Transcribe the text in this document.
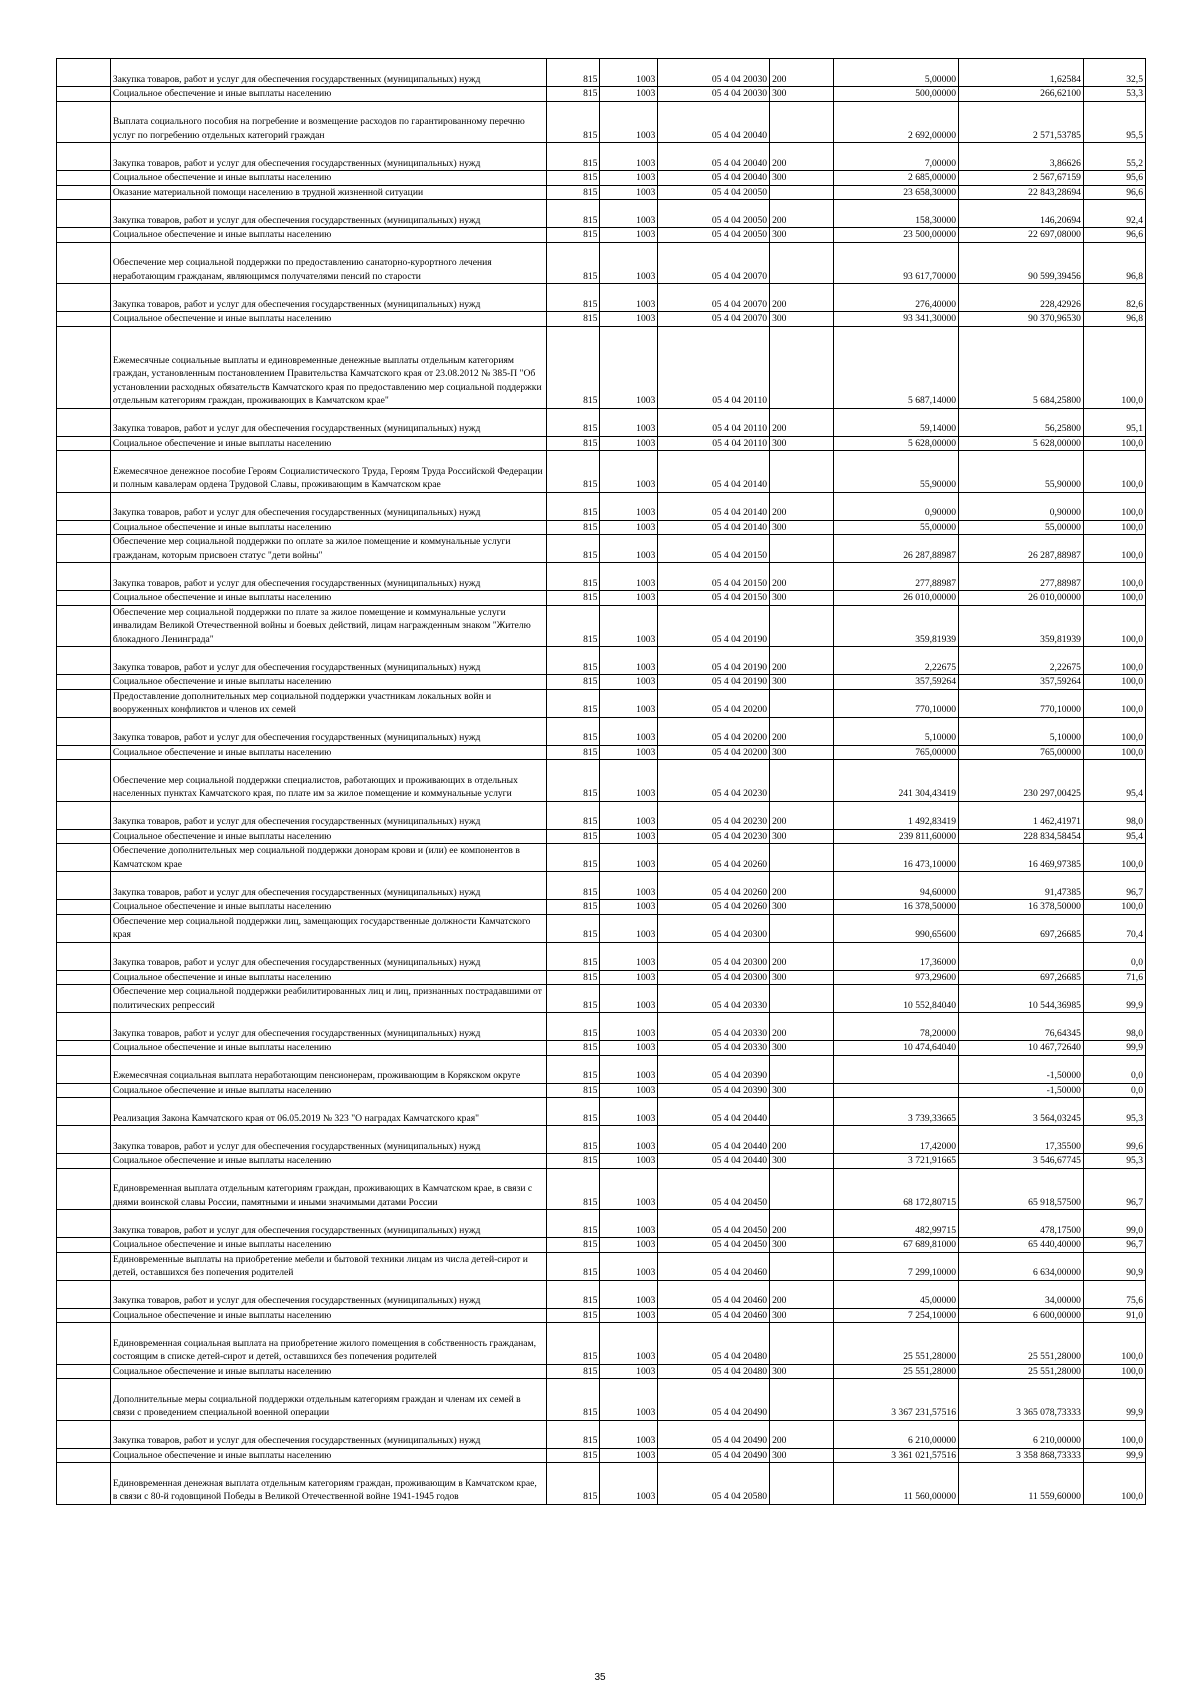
	Закупка товаров, работ и услуг для обеспечения государственных (муниципальных) нужд	815	1003	05 4 04 20030	200	5,00000	1,62584	32,5
	Социальное обеспечение и иные выплаты населению	815	1003	05 4 04 20030	300	500,00000	266,62100	53,3
	Выплата социального пособия на погребение и возмещение расходов по гарантированному перечню услуг по погребению отдельных категорий граждан	815	1003	05 4 04 20040		2 692,00000	2 571,53785	95,5
	Закупка товаров, работ и услуг для обеспечения государственных (муниципальных) нужд	815	1003	05 4 04 20040	200	7,00000	3,86626	55,2
	Социальное обеспечение и иные выплаты населению	815	1003	05 4 04 20040	300	2 685,00000	2 567,67159	95,6
	Оказание материальной помощи населению в трудной жизненной ситуации	815	1003	05 4 04 20050		23 658,30000	22 843,28694	96,6
	Закупка товаров, работ и услуг для обеспечения государственных (муниципальных) нужд	815	1003	05 4 04 20050	200	158,30000	146,20694	92,4
	Социальное обеспечение и иные выплаты населению	815	1003	05 4 04 20050	300	23 500,00000	22 697,08000	96,6
	Обеспечение мер социальной поддержки по предоставлению санаторно-курортного лечения неработающим гражданам, являющимся получателями пенсий по старости	815	1003	05 4 04 20070		93 617,70000	90 599,39456	96,8
	Закупка товаров, работ и услуг для обеспечения государственных (муниципальных) нужд	815	1003	05 4 04 20070	200	276,40000	228,42926	82,6
	Социальное обеспечение и иные выплаты населению	815	1003	05 4 04 20070	300	93 341,30000	90 370,96530	96,8
	Ежемесячные социальные выплаты и единовременные денежные выплаты отдельным категориям граждан, установленным постановлением Правительства Камчатского края от 23.08.2012 № 385-П "Об установлении расходных обязательств Камчатского края по предоставлению мер социальной поддержки отдельным категориям граждан, проживающих в Камчатском крае"	815	1003	05 4 04 20110		5 687,14000	5 684,25800	100,0
	Закупка товаров, работ и услуг для обеспечения государственных (муниципальных) нужд	815	1003	05 4 04 20110	200	59,14000	56,25800	95,1
	Социальное обеспечение и иные выплаты населению	815	1003	05 4 04 20110	300	5 628,00000	5 628,00000	100,0
	Ежемесячное денежное пособие Героям Социалистического Труда, Героям Труда Российской Федерации и полным кавалерам ордена Трудовой Славы, проживающим в Камчатском крае	815	1003	05 4 04 20140		55,90000	55,90000	100,0
	Закупка товаров, работ и услуг для обеспечения государственных (муниципальных) нужд	815	1003	05 4 04 20140	200	0,90000	0,90000	100,0
	Социальное обеспечение и иные выплаты населению	815	1003	05 4 04 20140	300	55,00000	55,00000	100,0
	Обеспечение мер социальной поддержки по оплате за жилое помещение и коммунальные услуги гражданам, которым присвоен статус "дети войны"	815	1003	05 4 04 20150		26 287,88987	26 287,88987	100,0
	Закупка товаров, работ и услуг для обеспечения государственных (муниципальных) нужд	815	1003	05 4 04 20150	200	277,88987	277,88987	100,0
	Социальное обеспечение и иные выплаты населению	815	1003	05 4 04 20150	300	26 010,00000	26 010,00000	100,0
	Обеспечение мер социальной поддержки по плате за жилое помещение и коммунальные услуги инвалидам Великой Отечественной войны и боевых действий, лицам награжденным знаком "Жителю блокадного Ленинграда"	815	1003	05 4 04 20190		359,81939	359,81939	100,0
	Закупка товаров, работ и услуг для обеспечения государственных (муниципальных) нужд	815	1003	05 4 04 20190	200	2,22675	2,22675	100,0
	Социальное обеспечение и иные выплаты населению	815	1003	05 4 04 20190	300	357,59264	357,59264	100,0
	Предоставление дополнительных мер социальной поддержки участникам локальных войн и вооруженных конфликтов и членов их семей	815	1003	05 4 04 20200		770,10000	770,10000	100,0
	Закупка товаров, работ и услуг для обеспечения государственных (муниципальных) нужд	815	1003	05 4 04 20200	200	5,10000	5,10000	100,0
	Социальное обеспечение и иные выплаты населению	815	1003	05 4 04 20200	300	765,00000	765,00000	100,0
	Обеспечение мер социальной поддержки специалистов, работающих и проживающих в отдельных населенных пунктах Камчатского края, по плате им за жилое помещение и коммунальные услуги	815	1003	05 4 04 20230		241 304,43419	230 297,00425	95,4
	Закупка товаров, работ и услуг для обеспечения государственных (муниципальных) нужд	815	1003	05 4 04 20230	200	1 492,83419	1 462,41971	98,0
	Социальное обеспечение и иные выплаты населению	815	1003	05 4 04 20230	300	239 811,60000	228 834,58454	95,4
	Обеспечение дополнительных мер социальной поддержки донорам крови и (или) ее компонентов в Камчатском крае	815	1003	05 4 04 20260		16 473,10000	16 469,97385	100,0
	Закупка товаров, работ и услуг для обеспечения государственных (муниципальных) нужд	815	1003	05 4 04 20260	200	94,60000	91,47385	96,7
	Социальное обеспечение и иные выплаты населению	815	1003	05 4 04 20260	300	16 378,50000	16 378,50000	100,0
	Обеспечение мер социальной поддержки лиц, замещающих государственные должности Камчатского края	815	1003	05 4 04 20300		990,65600	697,26685	70,4
	Закупка товаров, работ и услуг для обеспечения государственных (муниципальных) нужд	815	1003	05 4 04 20300	200	17,36000		0,0
	Социальное обеспечение и иные выплаты населению	815	1003	05 4 04 20300	300	973,29600	697,26685	71,6
	Обеспечение мер социальной поддержки реабилитированных лиц и лиц, признанных пострадавшими от политических репрессий	815	1003	05 4 04 20330		10 552,84040	10 544,36985	99,9
	Закупка товаров, работ и услуг для обеспечения государственных (муниципальных) нужд	815	1003	05 4 04 20330	200	78,20000	76,64345	98,0
	Социальное обеспечение и иные выплаты населению	815	1003	05 4 04 20330	300	10 474,64040	10 467,72640	99,9
	Ежемесячная социальная выплата неработающим пенсионерам, проживающим в Корякском округе	815	1003	05 4 04 20390			-1,50000	0,0
	Социальное обеспечение и иные выплаты населению	815	1003	05 4 04 20390	300		-1,50000	0,0
	Реализация Закона Камчатского края от 06.05.2019 № 323 "О наградах Камчатского края"	815	1003	05 4 04 20440		3 739,33665	3 564,03245	95,3
	Закупка товаров, работ и услуг для обеспечения государственных (муниципальных) нужд	815	1003	05 4 04 20440	200	17,42000	17,35500	99,6
	Социальное обеспечение и иные выплаты населению	815	1003	05 4 04 20440	300	3 721,91665	3 546,67745	95,3
	Единовременная выплата отдельным категориям граждан, проживающих в Камчатском крае, в связи с днями воинской славы России, памятными и иными значимыми датами России	815	1003	05 4 04 20450		68 172,80715	65 918,57500	96,7
	Закупка товаров, работ и услуг для обеспечения государственных (муниципальных) нужд	815	1003	05 4 04 20450	200	482,99715	478,17500	99,0
	Социальное обеспечение и иные выплаты населению	815	1003	05 4 04 20450	300	67 689,81000	65 440,40000	96,7
	Единовременные выплаты на приобретение мебели и бытовой техники лицам из числа детей-сирот и детей, оставшихся без попечения родителей	815	1003	05 4 04 20460		7 299,10000	6 634,00000	90,9
	Закупка товаров, работ и услуг для обеспечения государственных (муниципальных) нужд	815	1003	05 4 04 20460	200	45,00000	34,00000	75,6
	Социальное обеспечение и иные выплаты населению	815	1003	05 4 04 20460	300	7 254,10000	6 600,00000	91,0
	Единовременная социальная выплата на приобретение жилого помещения в собственность гражданам, состоящим в списке детей-сирот и детей, оставшихся без попечения родителей	815	1003	05 4 04 20480		25 551,28000	25 551,28000	100,0
	Социальное обеспечение и иные выплаты населению	815	1003	05 4 04 20480	300	25 551,28000	25 551,28000	100,0
	Дополнительные меры социальной поддержки отдельным категориям граждан и членам их семей в связи с проведением специальной военной операции	815	1003	05 4 04 20490		3 367 231,57516	3 365 078,73333	99,9
	Закупка товаров, работ и услуг для обеспечения государственных (муниципальных) нужд	815	1003	05 4 04 20490	200	6 210,00000	6 210,00000	100,0
	Социальное обеспечение и иные выплаты населению	815	1003	05 4 04 20490	300	3 361 021,57516	3 358 868,73333	99,9
	Единовременная денежная выплата отдельным категориям граждан, проживающим в Камчатском крае, в связи с 80-й годовщиной Победы в Великой Отечественной войне 1941-1945 годов	815	1003	05 4 04 20580		11 560,00000	11 559,60000	100,0
35
